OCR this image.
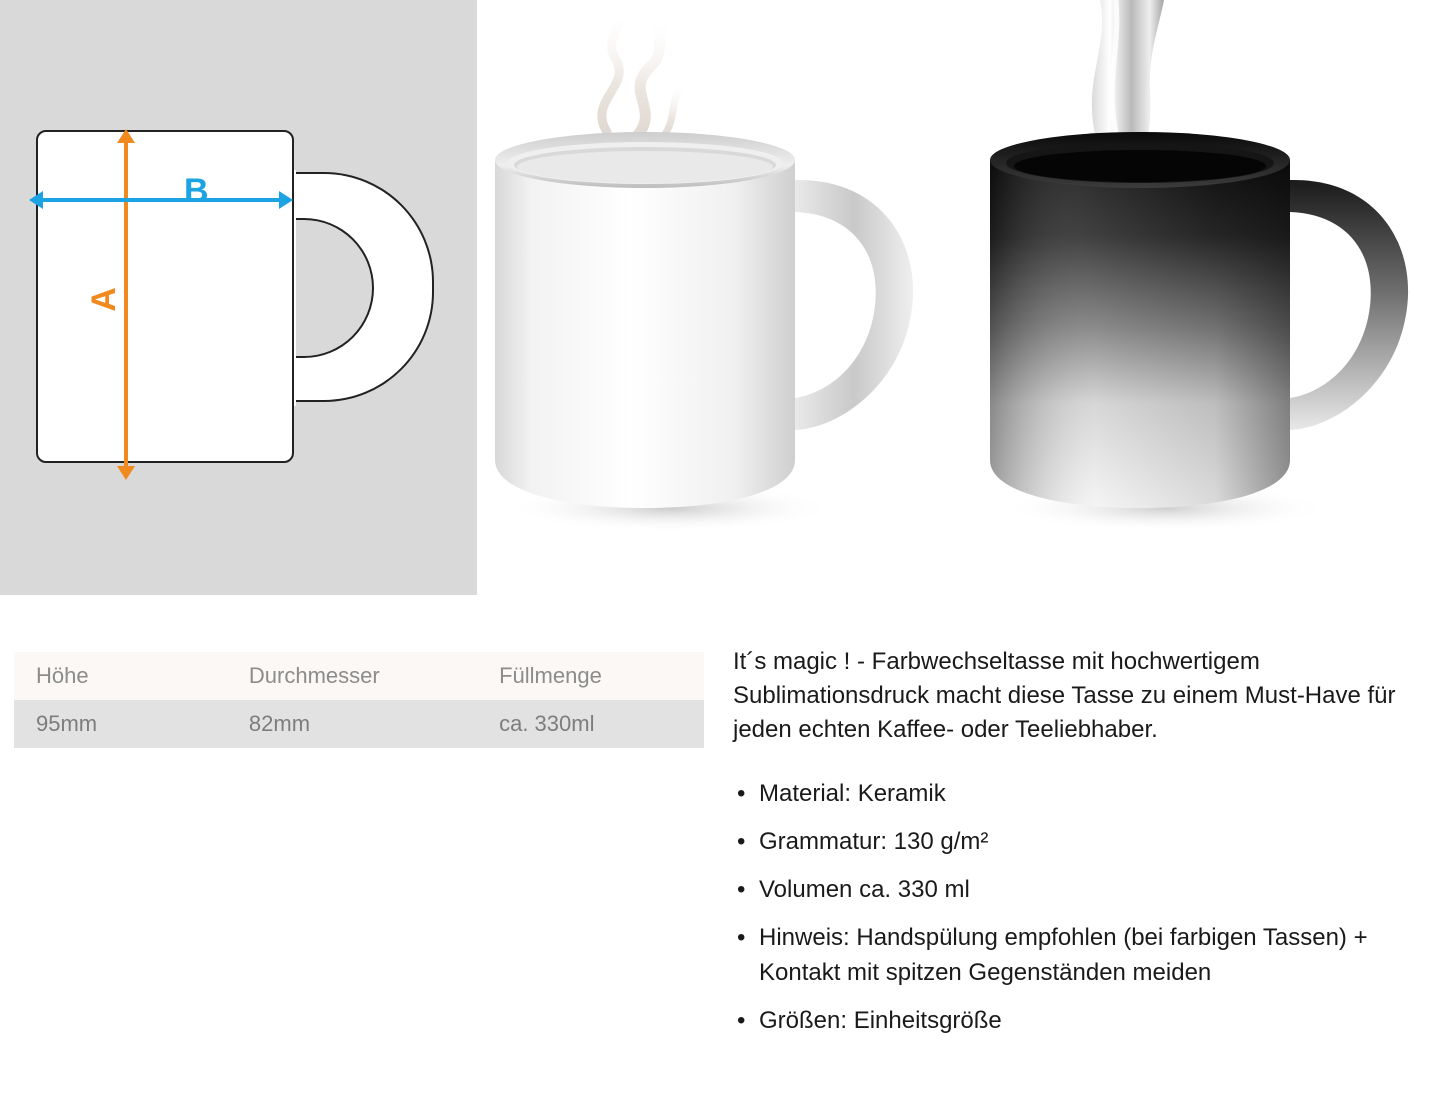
A
B
Höhe	Durchmesser	Füllmenge
95mm	82mm	ca. 330ml

It´s magic ! - Farbwechseltasse mit hochwertigem Sublimationsdruck macht diese Tasse zu einem Must-Have für jeden echten Kaffee- oder Teeliebhaber.

• Material: Keramik
• Grammatur: 130 g/m²
• Volumen ca. 330 ml
• Hinweis: Handspülung empfohlen (bei farbigen Tassen) + Kontakt mit spitzen Gegenständen meiden
• Größen: Einheitsgröße
